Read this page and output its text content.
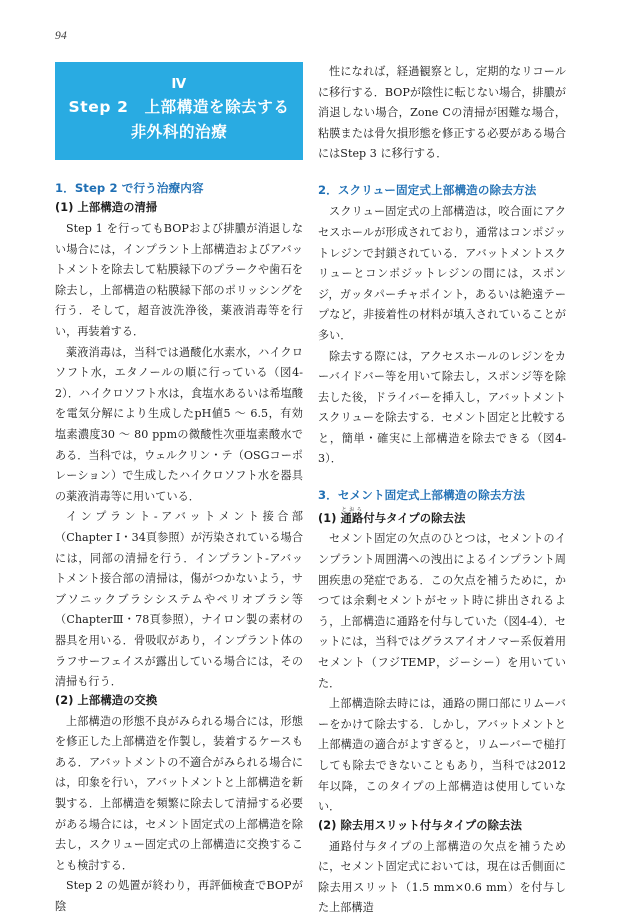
94
Ⅳ
Step 2　上部構造を除去する
非外科的治療
1．Step 2 で行う治療内容
(1) 上部構造の清掃

Step 1 を行ってもBOPおよび排膿が消退しない場合には，インプラント上部構造およびアバットメントを除去して粘膜縁下のプラークや歯石を除去し，上部構造の粘膜縁下部のポリッシングを行う．そして，超音波洗浄後，薬液消毒等を行い，再装着する．

薬液消毒は，当科では過酸化水素水，ハイクロソフト水，エタノールの順に行っている（図4‐2）．ハイクロソフト水は，食塩水あるいは希塩酸を電気分解により生成したpH値5 〜 6.5，有効塩素濃度30 〜 80 ppmの微酸性次亜塩素酸水である．当科では，ウェルクリン・テ（OSGコーポレーション）で生成したハイクロソフト水を器具の薬液消毒等に用いている．

インプラント‐アバットメント接合部（Chapter Ⅰ・34頁参照）が汚染されている場合には，同部の清掃を行う．インプラント‐アバットメント接合部の清掃は，傷がつかないよう，サブソニックブラシシステムやペリオブラシ等（ChapterⅢ・78頁参照），ナイロン製の素材の器具を用いる．骨吸収があり，インプラント体のラフサーフェイスが露出している場合には，その清掃も行う．

(2) 上部構造の交換

上部構造の形態不良がみられる場合には，形態を修正した上部構造を作製し，装着するケースもある．アバットメントの不適合がみられる場合には，印象を行い，アバットメントと上部構造を新製する．上部構造を頻繁に除去して清掃する必要がある場合には，セメント固定式の上部構造を除去し，スクリュー固定式の上部構造に交換することも検討する．

Step 2 の処置が終わり，再評価検査でBOPが陰

性になれば，経過観察とし，定期的なリコールに移行する．BOPが陰性に転じない場合，排膿が消退しない場合，Zone Cの清掃が困難な場合，粘膜または骨欠損形態を修正する必要がある場合にはStep 3 に移行する．

2．スクリュー固定式上部構造の除去方法

スクリュー固定式の上部構造は，咬合面にアクセスホールが形成されており，通常はコンポジットレジンで封鎖されている．アバットメントスクリューとコンポジットレジンの間には，スポンジ，ガッタパーチャポイント，あるいは絶遠テープなど，非接着性の材料が填入されていることが多い．

除去する際には，アクセスホールのレジンをカーバイドバー等を用いて除去し，スポンジ等を除去した後，ドライバーを挿入し，アバットメントスクリューを除去する．セメント固定と比較すると，簡単・確実に上部構造を除去できる（図4‐3）．

3．セメント固定式上部構造の除去方法
(1) 通路とおろ付与タイプの除去法

セメント固定の欠点のひとつは，セメントのインプラント周囲溝への洩出によるインプラント周囲疾患の発症である．この欠点を補うために，かつては余剰セメントがセット時に排出されるよう，上部構造に通路を付与していた（図4‐4）．セットには，当科ではグラスアイオノマー系仮着用セメント（フジTEMP，ジーシー）を用いていた．

上部構造除去時には，通路の開口部にリムーバーをかけて除去する．しかし，アバットメントと上部構造の適合がよすぎると，リムーバーで槌打しても除去できないこともあり，当科では2012年以降，このタイプの上部構造は使用していない．

(2) 除去用スリット付与タイプの除去法

通路付与タイプの上部構造の欠点を補うために，セメント固定式においては，現在は舌側面に除去用スリット（1.5 mm×0.6 mm）を付与した上部構造
